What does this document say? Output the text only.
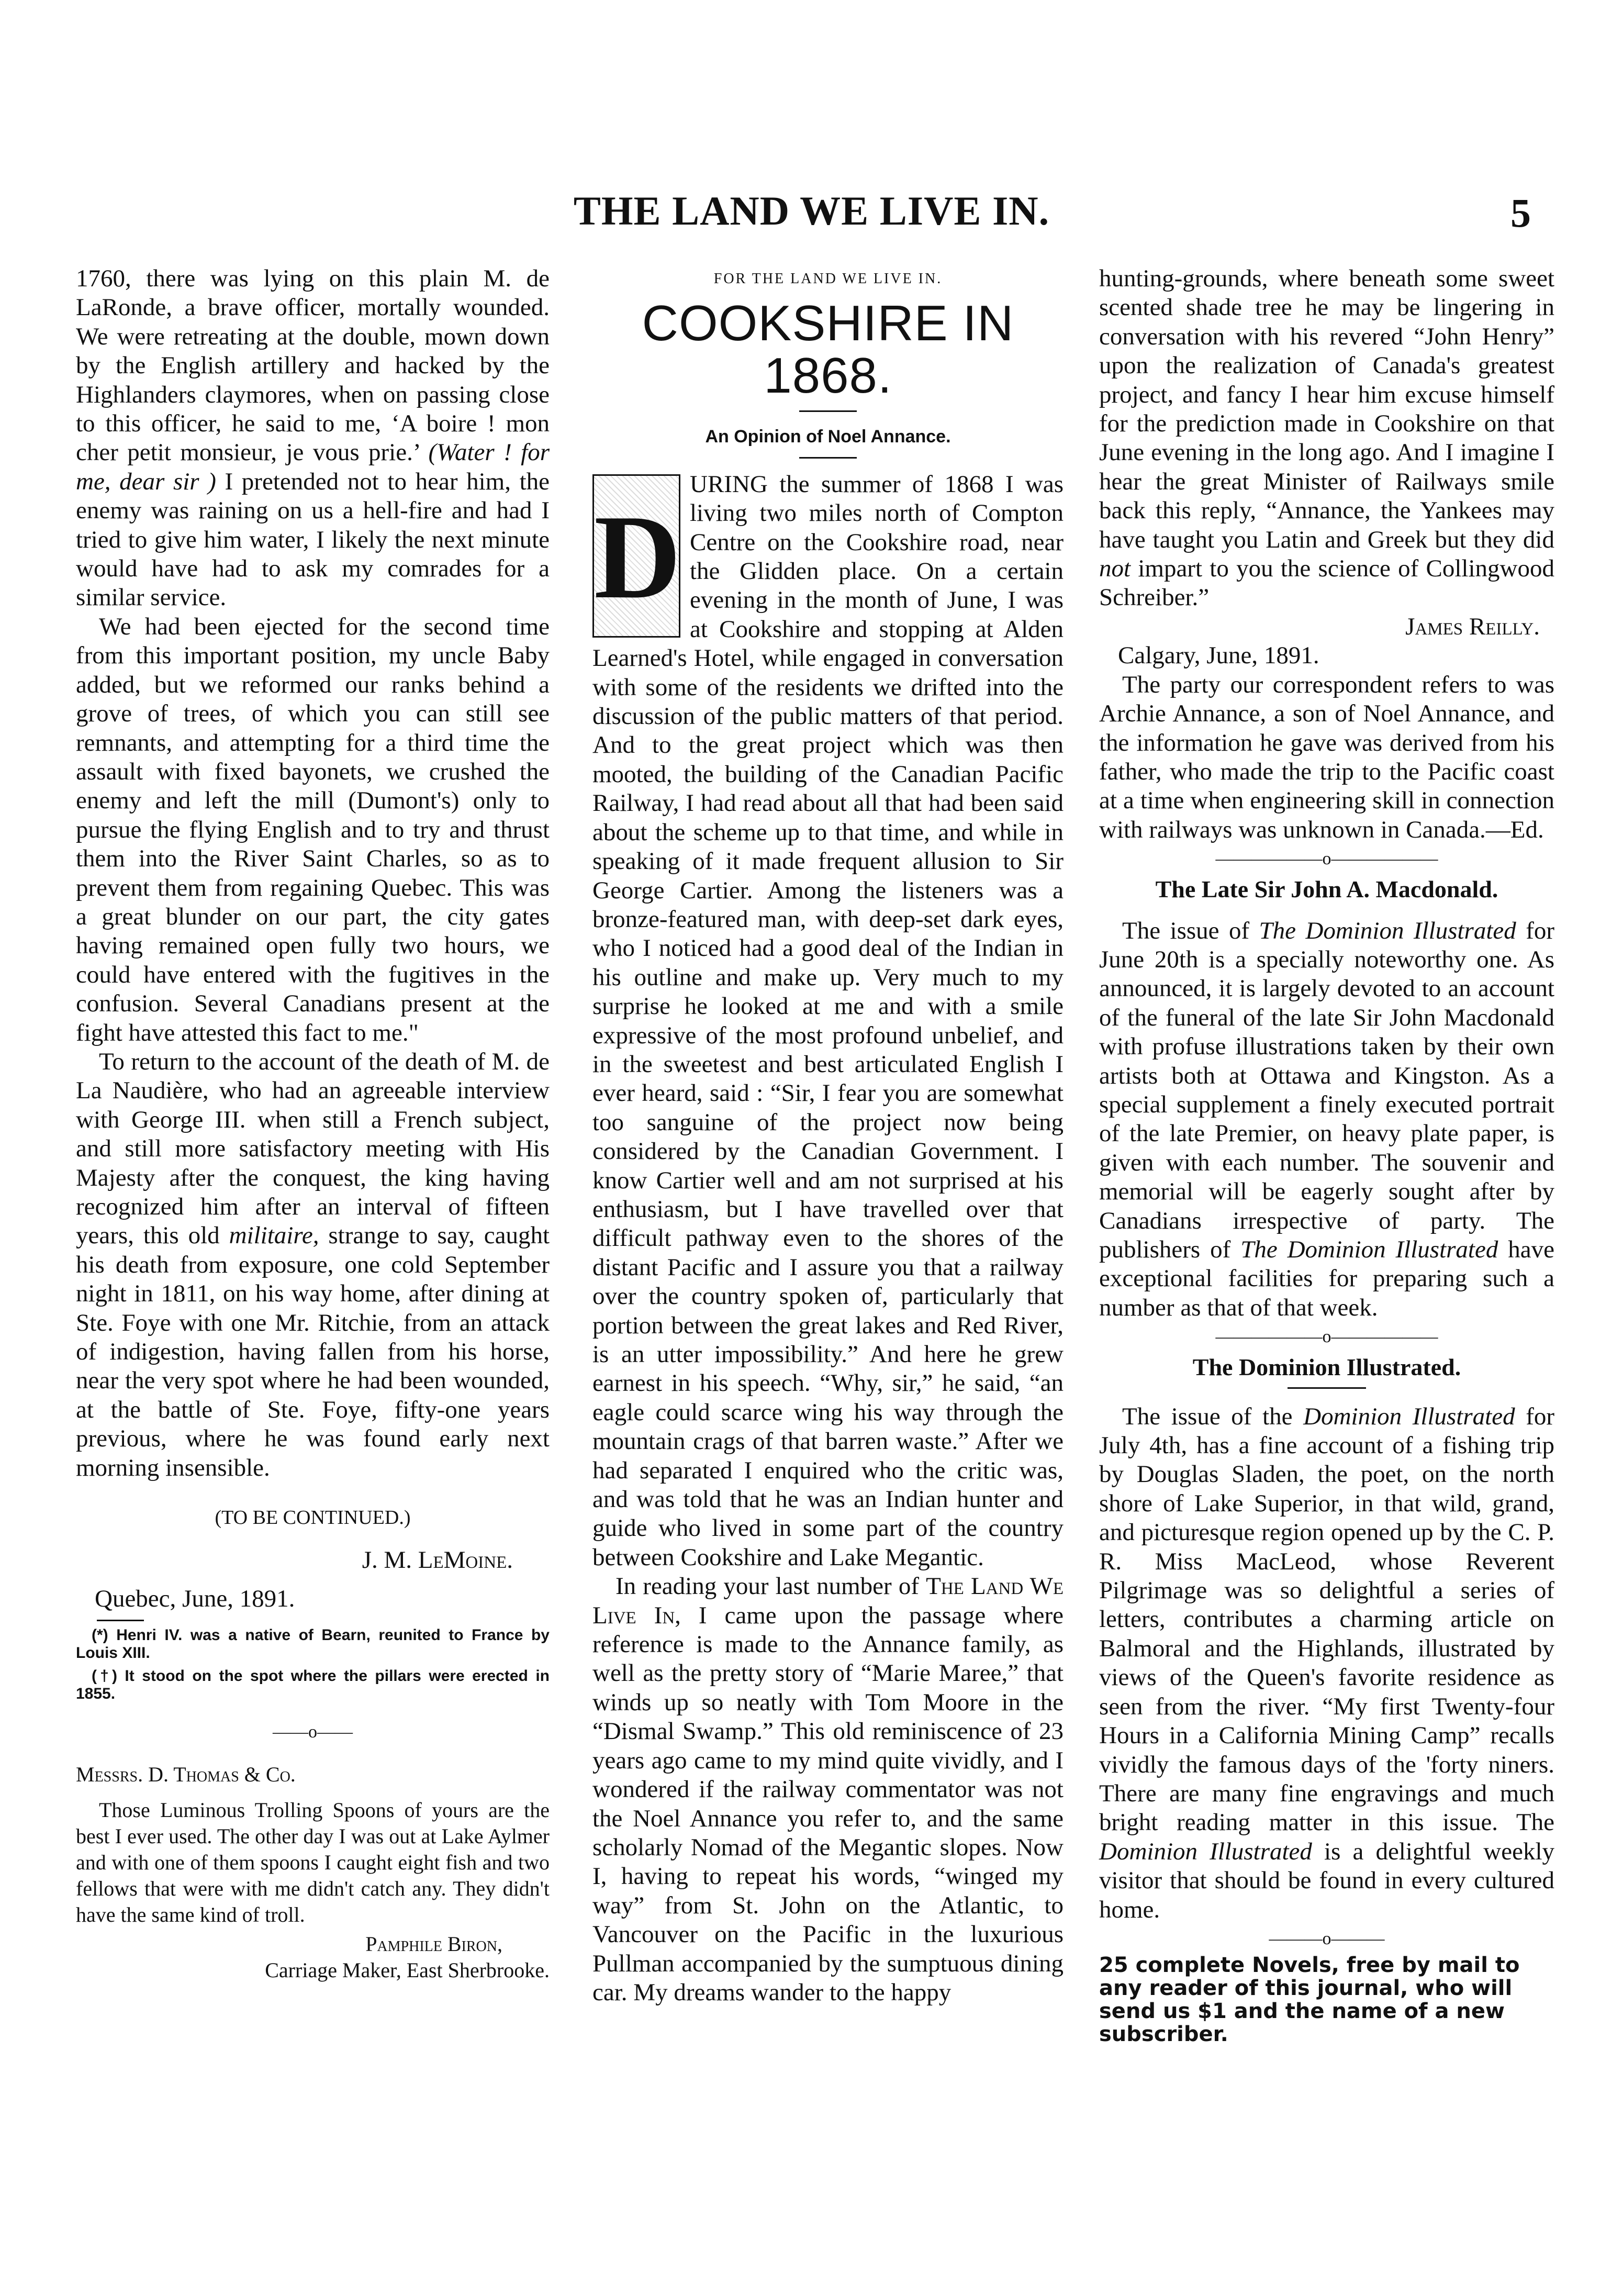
THE LAND WE LIVE IN.	5

1760, there was lying on this plain M. de LaRonde, a brave officer, mortally wounded. We were retreating at the double, mown down by the English artillery and hacked by the Highlanders claymores, when on passing close to this officer, he said to me, ‘A boire ! mon cher petit monsieur, je vous prie.’ (Water ! for me, dear sir ) I pretended not to hear him, the enemy was raining on us a hell-fire and had I tried to give him water, I likely the next minute would have had to ask my comrades for a similar service.

We had been ejected for the second time from this important position, my uncle Baby added, but we reformed our ranks behind a grove of trees, of which you can still see remnants, and attempting for a third time the assault with fixed bayonets, we crushed the enemy and left the mill (Dumont's) only to pursue the flying English and to try and thrust them into the River Saint Charles, so as to prevent them from regaining Quebec. This was a great blunder on our part, the city gates having remained open fully two hours, we could have entered with the fugitives in the confusion. Several Canadians present at the fight have attested this fact to me."

To return to the account of the death of M. de La Naudière, who had an agreeable interview with George III. when still a French subject, and still more satisfactory meeting with His Majesty after the conquest, the king having recognized him after an interval of fifteen years, this old militaire, strange to say, caught his death from exposure, one cold September night in 1811, on his way home, after dining at Ste. Foye with one Mr. Ritchie, from an attack of indigestion, having fallen from his horse, near the very spot where he had been wounded, at the battle of Ste. Foye, fifty-one years previous, where he was found early next morning insensible.

(TO BE CONTINUED.)

J. M. LeMoine.

Quebec, June, 1891.

(*) Henri IV. was a native of Bearn, reunited to France by Louis XIII.

(†) It stood on the spot where the pillars were erected in 1855.

——o——

Messrs. D. Thomas & Co.

Those Luminous Trolling Spoons of yours are the best I ever used. The other day I was out at Lake Aylmer and with one of them spoons I caught eight fish and two fellows that were with me didn't catch any. They didn't have the same kind of troll.

Pamphile Biron,

Carriage Maker, East Sherbrooke.

FOR THE LAND WE LIVE IN.
COOKSHIRE IN 1868.
An Opinion of Noel Annance.
D

URING the summer of 1868 I was living two miles north of Compton Centre on the Cookshire road, near the Glidden place. On a certain evening in the month of June, I was at Cookshire and stopping at Alden Learned's Hotel, while engaged in conversation with some of the residents we drifted into the discussion of the public matters of that period. And to the great project which was then mooted, the building of the Canadian Pacific Railway, I had read about all that had been said about the scheme up to that time, and while in speaking of it made frequent allusion to Sir George Cartier. Among the listeners was a bronze-featured man, with deep-set dark eyes, who I noticed had a good deal of the Indian in his outline and make up. Very much to my surprise he looked at me and with a smile expressive of the most profound unbelief, and in the sweetest and best articulated English I ever heard, said : “Sir, I fear you are somewhat too sanguine of the project now being considered by the Canadian Government. I know Cartier well and am not surprised at his enthusiasm, but I have travelled over that difficult pathway even to the shores of the distant Pacific and I assure you that a railway over the country spoken of, particularly that portion between the great lakes and Red River, is an utter impossibility.” And here he grew earnest in his speech. “Why, sir,” he said, “an eagle could scarce wing his way through the mountain crags of that barren waste.” After we had separated I enquired who the critic was, and was told that he was an Indian hunter and guide who lived in some part of the country between Cookshire and Lake Megantic.

In reading your last number of The Land We Live In, I came upon the passage where reference is made to the Annance family, as well as the pretty story of “Marie Maree,” that winds up so neatly with Tom Moore in the “Dismal Swamp.” This old reminiscence of 23 years ago came to my mind quite vividly, and I wondered if the railway commentator was not the Noel Annance you refer to, and the same scholarly Nomad of the Megantic slopes. Now I, having to repeat his words, “winged my way” from St. John on the Atlantic, to Vancouver on the Pacific in the luxurious Pullman accompanied by the sumptuous dining car. My dreams wander to the happy

hunting-grounds, where beneath some sweet scented shade tree he may be lingering in conversation with his revered “John Henry” upon the realization of Canada's greatest project, and fancy I hear him excuse himself for the prediction made in Cookshire on that June evening in the long ago. And I imagine I hear the great Minister of Railways smile back this reply, “Annance, the Yankees may have taught you Latin and Greek but they did not impart to you the science of Collingwood Schreiber.”

James Reilly.

Calgary, June, 1891.

The party our correspondent refers to was Archie Annance, a son of Noel Annance, and the information he gave was derived from his father, who made the trip to the Pacific coast at a time when engineering skill in connection with railways was unknown in Canada.—Ed.

——————o——————
The Late Sir John A. Macdonald.

The issue of The Dominion Illustrated for June 20th is a specially noteworthy one. As announced, it is largely devoted to an account of the funeral of the late Sir John Macdonald with profuse illustrations taken by their own artists both at Ottawa and Kingston. As a special supplement a finely executed portrait of the late Premier, on heavy plate paper, is given with each number. The souvenir and memorial will be eagerly sought after by Canadians irrespective of party. The publishers of The Dominion Illustrated have exceptional facilities for preparing such a number as that of that week.

——————o——————
The Dominion Illustrated.

The issue of the Dominion Illustrated for July 4th, has a fine account of a fishing trip by Douglas Sladen, the poet, on the north shore of Lake Superior, in that wild, grand, and picturesque region opened up by the C. P. R. Miss MacLeod, whose Reverent Pilgrimage was so delightful a series of letters, contributes a charming article on Balmoral and the Highlands, illustrated by views of the Queen's favorite residence as seen from the river. “My first Twenty-four Hours in a California Mining Camp” recalls vividly the famous days of the 'forty niners. There are many fine engravings and much bright reading matter in this issue. The Dominion Illustrated is a delightful weekly visitor that should be found in every cultured home.

———o———

25 complete Novels, free by mail to any reader of this journal, who will send us $1 and the name of a new subscriber.
